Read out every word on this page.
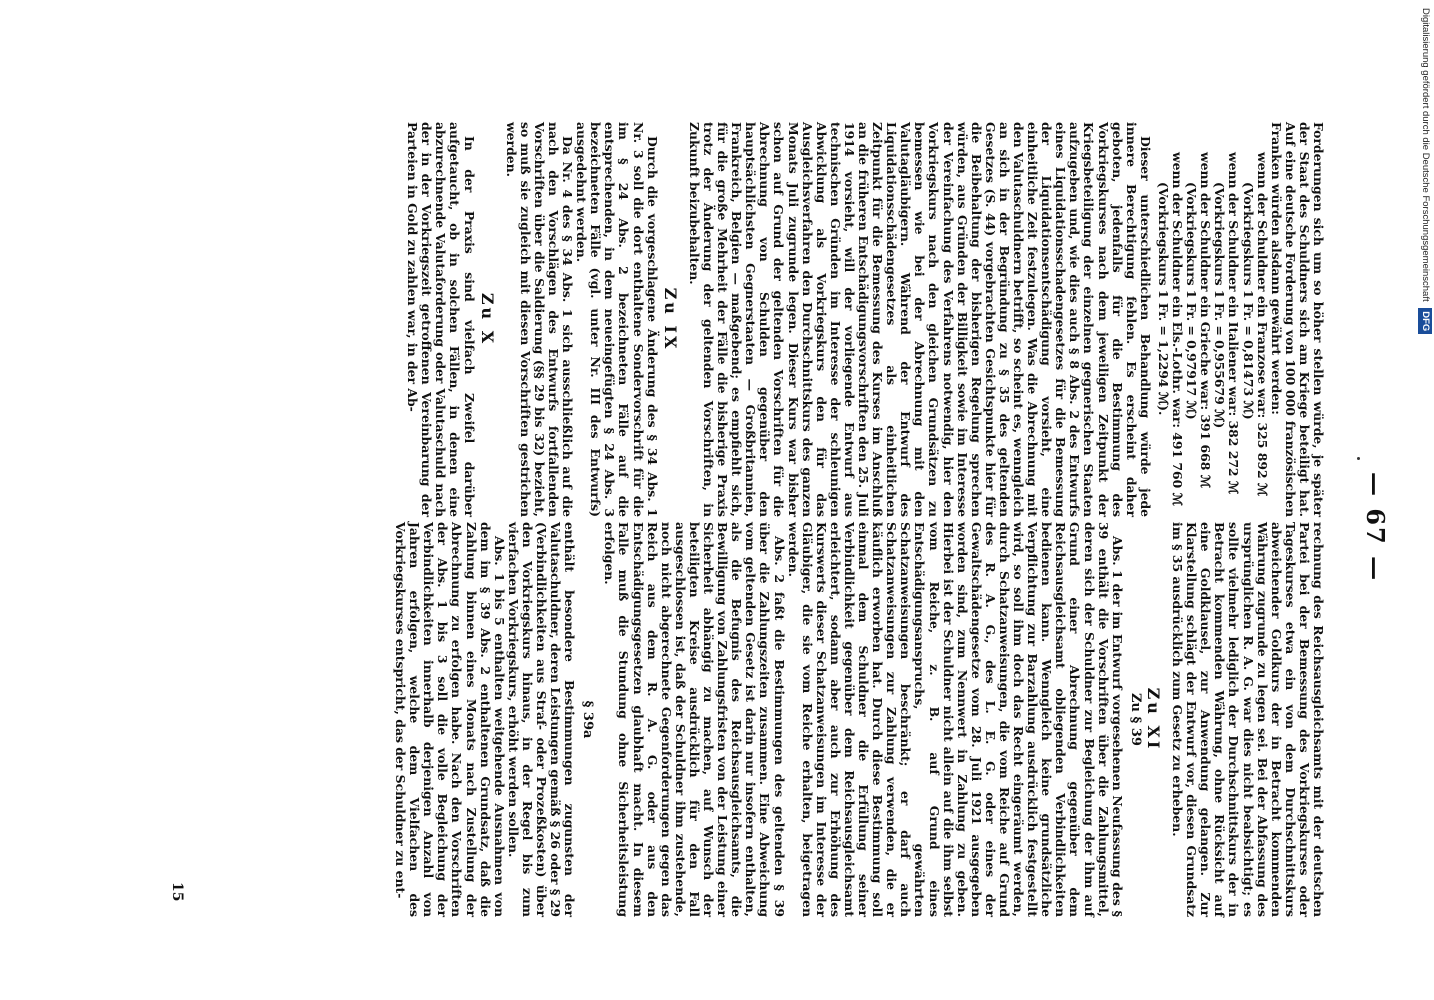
Digitalisierung gefördert durch die Deutsche Forschungsgemeinschaft DFG
— 67 —

Forderungen sich um so höher stellen würde, je später der Staat des Schuldners sich am Kriege beteiligt hat. Auf eine deutsche Forderung von 100 000 französischen Franken würden alsdann gewährt werden:

wenn der Schuldner ein Franzose war: 325 892 ℳ
(Vorkriegskurs 1 Fr. = 0,81473 ℳ)
wenn der Schuldner ein Italiener war: 382 272 ℳ
(Vorkriegskurs 1 Fr. = 0,955679 ℳ)
wenn der Schuldner ein Grieche war: 391 668 ℳ
(Vorkriegskurs 1 Fr. = 0,97917 ℳ)
wenn der Schuldner ein Els.-Lothr. war: 491 760 ℳ
(Vorkriegskurs 1 Fr. = 1,2294 ℳ).

Dieser unterschiedlichen Behandlung würde jede innere Berechtigung fehlen. Es erscheint daher geboten, jedenfalls für die Bestimmung des Vorkriegskurses nach dem jeweiligen Zeitpunkt der Kriegsbeteiligung der einzelnen gegnerischen Staaten aufzugeben und, wie dies auch § 8 Abs. 2 des Entwurfs eines Liquidationsschadengesetzes für die Bemessung der Liquidationsentschädigung vorsieht, eine einheitliche Zeit festzulegen. Was die Abrechnung mit den Valutaschuldnern betrifft, so scheint es, wenngleich an sich in der Begründung zu § 35 des geltenden Gesetzes (S. 44) vorgebrachten Gesichtspunkte hier für die Beibehaltung der bisherigen Regelung sprechen würden, aus Gründen der Billigkeit sowie im Interesse der Vereinfachung des Verfahrens notwendig, hier den Vorkriegskurs nach den gleichen Grundsätzen zu bemessen wie bei der Abrechnung mit den Valutagläubigern. Während der Entwurf des Liquidationsschädengesetzes als einheitlichen Zeitpunkt für die Bemessung des Kurses im Anschluß an die früheren Entschädigungsvorschriften den 25. Juli 1914 vorsieht, will der vorliegende Entwurf aus technischen Gründen im Interesse der schleunigen Abwicklung als Vorkriegskurs den für das Ausgleichsverfahren den Durchschnittskurs des ganzen Monats Juli zugrunde legen. Dieser Kurs war bisher schon auf Grund der geltenden Vorschriften für die Abrechnung von Schulden gegenüber den hauptsächlichsten Gegnerstaaten — Großbritannien, Frankreich, Belgien — maßgebend; es empfiehlt sich, für die große Mehrheit der Fälle die bisherige Praxis trotz der Änderung der geltenden Vorschriften, in Zukunft beizubehalten.

Zu IX

Durch die vorgeschlagene Änderung des § 34 Abs. 1 Nr. 3 soll die dort enthaltene Sondervorschrift für die im § 24 Abs. 2 bezeichneten Fälle auf die entsprechenden, in dem neueingefügten § 24 Abs. 3 bezeichneten Fälle (vgl. unter Nr. III des Entwurfs) ausgedehnt werden.

Da Nr. 4 des § 34 Abs. 1 sich ausschließlich auf die nach den Vorschlägen des Entwurfs fortfallenden Vorschriften über die Saldierung (§§ 29 bis 32) bezieht, so muß sie zugleich mit diesen Vorschriften gestrichen werden.

Zu X

In der Praxis sind vielfach Zweifel darüber aufgetaucht, ob in solchen Fällen, in denen eine abzurechnende Valutaforderung oder Valutaschuld nach der in der Vorkriegszeit getroffenen Vereinbarung der Parteien in Gold zu zahlen war, in der Ab-

rechnung des Reichsausgleichsamts mit der deutschen Partei bei der Bemessung des Vorkriegskurses oder Tageskurses etwa ein von dem Durchschnittskurs abweichender Goldkurs der in Betracht kommenden Währung zugrunde zu legen sei. Bei der Abfassung des ursprünglichen R. A. G. war dies nicht beabsichtigt; es sollte vielmehr lediglich der Durchschnittskurs der in Betracht kommenden Währung, ohne Rücksicht auf eine Goldklausel, zur Anwendung gelangen. Zur Klarstellung schlägt der Entwurf vor, diesen Grundsatz im § 35 ausdrücklich zum Gesetz zu erheben.

Zu XI
Zu § 39

Abs. 1 der im Entwurf vorgesehenen Neufassung des § 39 enthält die Vorschriften über die Zahlungsmittel, deren sich der Schuldner zur Begleichung der ihm auf Grund einer Abrechnung gegenüber dem Reichsausgleichsamt obliegenden Verbindlichkeiten bedienen kann. Wenngleich keine grundsätzliche Verpflichtung zur Barzahlung ausdrücklich festgestellt wird, so soll ihm doch das Recht eingeräumt werden, durch Schatzanweisungen, die vom Reiche auf Grund des R. A. G., des L. E. G. oder eines der Gewaltschädengesetze vom 28. Juli 1921 ausgegeben worden sind, zum Nennwert in Zahlung zu geben. Hierbei ist der Schuldner nicht allein auf die ihm selbst vom Reiche, z. B. auf Grund eines Entschädigungsanspruchs, gewährten Schatzanweisungen beschränkt; er darf auch Schatzanweisungen zur Zahlung verwenden, die er käuflich erworben hat. Durch diese Bestimmung soll einmal dem Schuldner die Erfüllung seiner Verbindlichkeit gegenüber dem Reichsausgleichsamt erleichtert, sodann aber auch zur Erhöhung des Kurswerts dieser Schatzanweisungen im Interesse der Gläubiger, die sie vom Reiche erhalten, beigetragen werden.

Abs. 2 faßt die Bestimmungen des geltenden § 39 über die Zahlungszeiten zusammen. Eine Abweichung vom geltenden Gesetz ist darin nur insofern enthalten, als die Befugnis des Reichsausgleichsamts, die Bewilligung von Zahlungsfristen von der Leistung einer Sicherheit abhängig zu machen, auf Wunsch der beteiligten Kreise ausdrücklich für den Fall ausgeschlossen ist, daß der Schuldner ihm zustehende, noch nicht abgerechnete Gegenforderungen gegen das Reich aus dem R. A. G. oder aus den Entschädigungsgesetzen glaubhaft macht. In diesem Falle muß die Stundung ohne Sicherheitsleistung erfolgen.

§ 39a

enthält besondere Bestimmungen zugunsten der Valutaschuldner, deren Leistungen gemäß § 26 oder § 29 (Verbindlichkeiten aus Straf- oder Prozeßkosten) über den Vorkriegskurs hinaus, in der Regel bis zum vierfachen Vorkriegskurs, erhöht werden sollen.

Abs. 1 bis 5 enthalten weitgehende Ausnahmen von dem im § 39 Abs. 2 enthaltenen Grundsatz, daß die Zahlung binnen eines Monats nach Zustellung der Abrechnung zu erfolgen habe. Nach den Vorschriften der Abs. 1 bis 3 soll die volle Begleichung der Verbindlichkeiten innerhalb derjenigen Anzahl von Jahren erfolgen, welche dem Vielfachen des Vorkriegskurses entspricht, das der Schuldner zu ent-

15
